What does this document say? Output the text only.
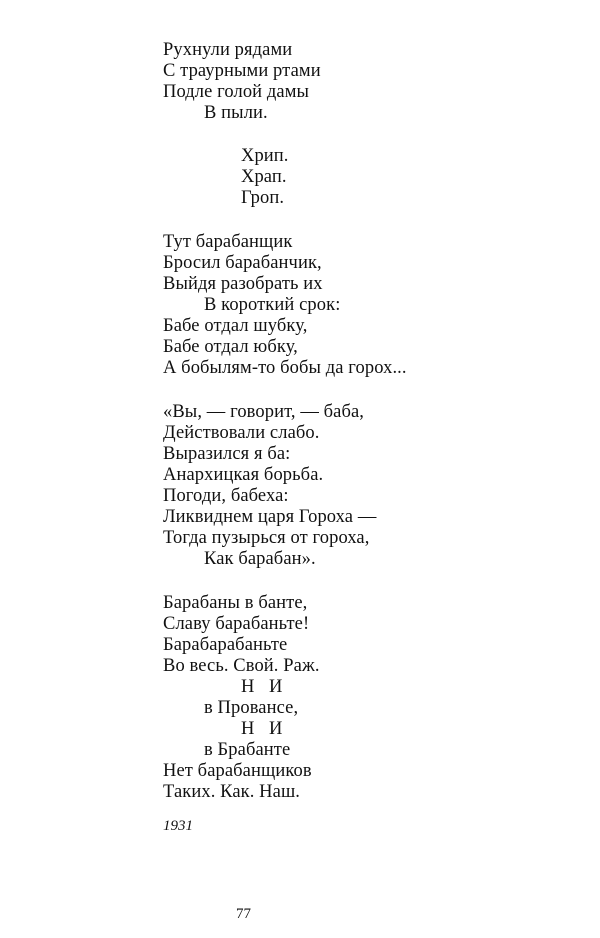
Рухнули рядами
С траурными ртами
Подле голой дамы
В пыли.
Хрип.
Храп.
Гроп.
Тут барабанщик
Бросил барабанчик,
Выйдя разобрать их
В короткий срок:
Бабе отдал шубку,
Бабе отдал юбку,
А бобылям-то бобы да горох...
«Вы, — говорит, — баба,
Действовали слабо.
Выразился я ба:
Анархицкая борьба.
Погоди, бабеха:
Ликвиднем царя Гороха —
Тогда пузырься от гороха,
Как барабан».
Барабаны в банте,
Славу барабаньте!
Барабарабаньте
Во весь. Свой. Раж.
Н И
в Провансе,
Н И
в Брабанте
Нет барабанщиков
Таких. Как. Наш.
1931
77
